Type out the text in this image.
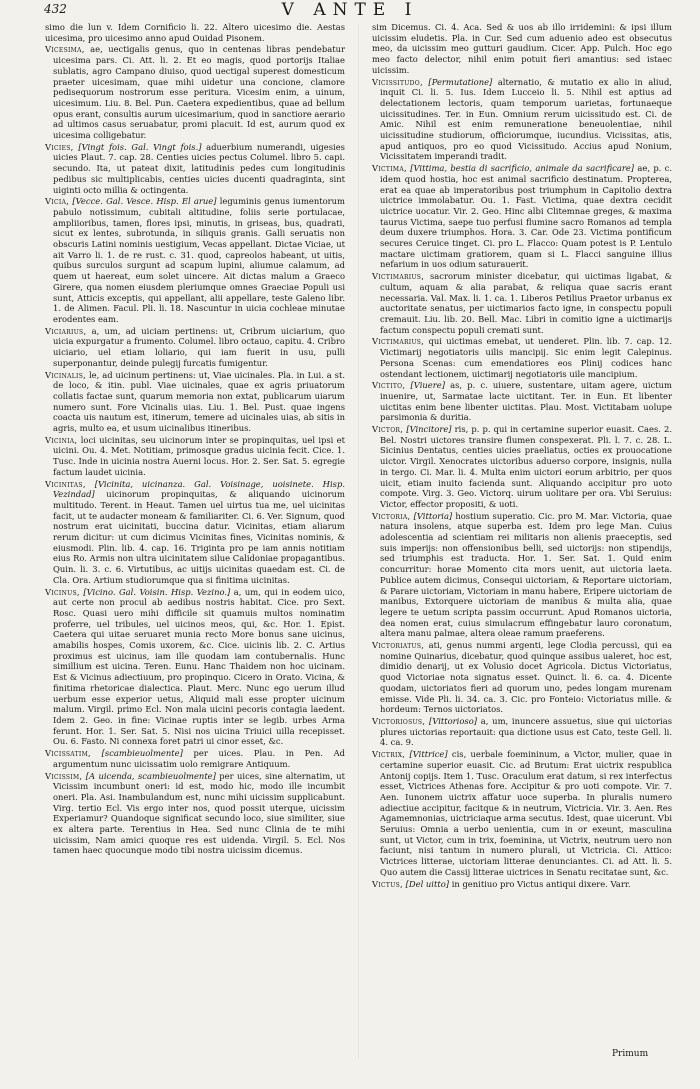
432	V ANTE I

simo die lun v. Idem Cornificio li. 22. Altero uicesimo die. Aestas uicesima, pro uicesimo anno apud Ouidad Pisonem.

Vicesima, ae, uectigalis genus, quo in centenas libras pendebatur uicesima pars. Ci. Att. li. 2. Et eo magis, quod portorijs Italiae sublatis, agro Campano diuiso, quod uectigal superest domesticum praeter uicesimam, quae mihi uidetur una concione, clamore pedisequorum nostrorum esse peritura. Vicesim enim, a uinum, uicesimum. Liu. 8. Bel. Pun. Caetera expedientibus, quae ad bellum opus erant, consultis aurum uicesimarium, quod in sanctiore aerario ad ultimos casus seruabatur, promi placuit. Id est, aurum quod ex uicesima colligebatur.

Vicies, [Vingt fois. Gal. Vingt fois.] aduerbium numerandi, uigesies uicies Plaut. 7. cap. 28. Centies uicies pectus Columel. libro 5. capi. secundo. Ita, ut pateat dixit, latitudinis pedes cum longitudinis pedibus sic multiplicabis, centies uicies ducenti quadraginta, sint uiginti octo millia & octingenta.

Vicia, [Vecce. Gal. Vesce. Hisp. El arue] leguminis genus iumentorum pabulo notissimum, cubitali altitudine, foliis serie portulacae, ampliioribus, tamen, flores ipsi, minutis, in griseas, bus, quadrati, sicut ex lentes, subrotunda, in siliquis granis. Galli seruatis non obscuris Latini nominis uestigium, Vecas appellant. Dictae Viciae, ut ait Varro li. 1. de re rust. c. 31. quod, capreolos habeant, ut uitis, quibus surculos surgunt ad scapum lupini, aliumue calamum, ad quem ut haereat, eum solet uincere. Ait dictas malum a Graeco Girere, qua nomen eiusdem pleriumque omnes Graeciae Populi usi sunt, Atticis exceptis, qui appellant, alii appellare, teste Galeno libr. 1. de Alimen. Facul. Pli. li. 18. Nascuntur in uicia cochleae minutae erodentes eam.

Viciarius, a, um, ad uiciam pertinens: ut, Cribrum uiciarium, quo uicia expurgatur a frumento. Columel. libro octauo, capitu. 4. Cribro uiciario, uel etiam loliario, qui iam fuerit in usu, pulli superponantur, deinde pulegij furcatis fumigentur.

Vicinalis, le, ad uicinum pertinens: ut, Viae uicinales. Pla. in Lui. a st. de loco, & itin. publ. Viae uicinales, quae ex agris priuatorum collatis factae sunt, quarum memoria non extat, publicarum uiarum numero sunt. Fore Vicinalis uias. Liu. 1. Bel. Pust. quae ingens coacta uis nautum est, itinerum, temere ad uicinales uias, ab sitis in agris, multo ea, et usum uicinalibus itineribus.

Vicinia, loci uicinitas, seu uicinorum inter se propinquitas, uel ipsi et uicini. Ou. 4. Met. Notitiam, primosque gradus uicinia fecit. Cice. 1. Tusc. Inde in uicinia nostra Auerni locus. Hor. 2. Ser. Sat. 5. egregie factum laudet uicinia.

Vicinitas, [Vicinita, uicinanza. Gal. Voisinage, uoisinete. Hisp. Vezindad] uicinorum propinquitas, & aliquando uicinorum multitudo. Terent. in Heaut. Tamen uel uirtus tua me, uel uicinitas facit, ut te audacter moneam & familiariter. Ci. 6. Ver. Signum, quod nostrum erat uicinitati, buccina datur. Vicinitas, etiam aliarum rerum dicitur: ut cum dicimus Vicinitas fines, Vicinitas nominis, & eiusmodi. Plin. lib. 4. cap. 16. Triginta pro pe iam annis notitiam eius Ro. Armis non ultra uicinitatem silue Calidoniae propagantibus. Quin. li. 3. c. 6. Virtutibus, ac uitijs uicinitas quaedam est. Ci. de Cla. Ora. Artium studiorumque qua si finitima uicinitas.

Vicinus, [Vicino. Gal. Voisin. Hisp. Vezino.] a, um, qui in eodem uico, aut certe non procul ab aedibus nostris habitat. Cice. pro Sext. Rosc. Quasi uero mihi difficile sit quamuis multos nominatim proferre, uel tribules, uel uicinos meos, qui, &c. Hor. 1. Epist. Caetera qui uitae seruaret munia recto More bonus sane uicinus, amabilis hospes, Comis uxorem, &c. Cice. uicinis lib. 2. C. Artius proximus est uicinus, iam ille quodam iam contubernalis. Hunc simillium est uicina. Teren. Eunu. Hanc Thaidem non hoc uicinam. Est & Vicinus adiectiuum, pro propinquo. Cicero in Orato. Vicina, & finitima rhetoricae dialectica. Plaut. Merc. Nunc ego uerum illud uerbum esse experior uetus, Aliquid mali esse propter uicinum malum. Virgil. primo Ecl. Non mala uicini pecoris contagia laedent. Idem 2. Geo. in fine: Vicinae ruptis inter se legib. urbes Arma ferunt. Hor. 1. Ser. Sat. 5. Nisi nos uicina Triuici uilla recepisset. Ou. 6. Fasto. Ni connexa foret patri ui cinor esset, &c.

Vicissatim, [scambieuolmente] per uices. Plau. in Pen. Ad argumentum nunc uicissatim uolo remigrare Antiquum.

Vicissim, [A uicenda, scambieuolmente] per uices, sine alternatim, ut Vicissim incumbunt oneri: id est, modo hic, modo ille incumbit oneri. Pla. Asi. Inambulandum est, nunc mihi uicissim supplicabunt. Virg. tertio Ecl. Vis ergo inter nos, quod possit uterque, uicissim Experiamur? Quandoque significat secundo loco, siue similiter, siue ex altera parte. Terentius in Hea. Sed nunc Clinia de te mihi uicissim, Nam amici quoque res est uidenda. Virgil. 5. Ecl. Nos tamen haec quocunque modo tibi nostra uicissim dicemus.

sim Dicemus. Ci. 4. Aca. Sed & uos ab illo irridemini: & ipsi illum uicissim eludetis. Pla. in Cur. Sed cum aduenio adeo est obsecutus meo, da uicissim meo gutturi gaudium. Cicer. App. Pulch. Hoc ego meo facto delector, nihil enim potuit fieri amantius: sed istaec uicissim.

Vicissitudo, [Permutatione] alternatio, & mutatio ex alio in aliud, inquit Ci. li. 5. Ius. Idem Lucceio li. 5. Nihil est aptius ad delectationem lectoris, quam temporum uarietas, fortunaeque uicissitudines. Ter. in Eun. Omnium rerum uicissitudo est. Ci. de Amic. Nihil est enim remuneratione beneuolentiae, nihil uicissitudine studiorum, officiorumque, iucundius. Vicissitas, atis, apud antiquos, pro eo quod Vicissitudo. Accius apud Nonium, Vicissitatem imperandi tradit.

Victima, [Vittima, bestia di sacrificio, animale da sacrificare] ae, p. c. idem quod hostia, hoc est animal sacrificio destinatum. Propterea, erat ea quae ab imperatoribus post triumphum in Capitolio dextra uictrice immolabatur. Ou. 1. Fast. Victima, quae dextra cecidit uictrice uocatur. Vir. 2. Geo. Hinc albi Clitemnae greges, & maxima taurus Victima, saepe tuo perfusi flumine sacro Romanos ad templa deum duxere triumphos. Hora. 3. Car. Ode 23. Victima pontificum secures Ceruice tinget. Ci. pro L. Flacco: Quam potest is P. Lentulo mactare uictimam gratiorem, quam si L. Flacci sanguine illius nefarium in uos odium saturauerit.

Victimarius, sacrorum minister dicebatur, qui uictimas ligabat, & cultum, aquam & alia parabat, & reliqua quae sacris erant necessaria. Val. Max. li. 1. ca. 1. Liberos Petilius Praetor urbanus ex auctoritate senatus, per uictimarios facto igne, in conspectu populi cremauit. Liu. lib. 20. Bell. Mac. Libri in comitio igne a uictimarijs factum conspectu populi cremati sunt.

Victimarius, qui uictimas emebat, ut uenderet. Plin. lib. 7. cap. 12. Victimarij negotiatoris uilis mancipij. Sic enim legit Calepinus. Persona Scenas: cum emendatiores eos Plinij codices hanc ostendant lectionem, uictimarij negotiatoris uile mancipium.

Victito, [Viuere] as, p. c. uiuere, sustentare, uitam agere, uictum inuenire, ut, Sarmatae lacte uictitant. Ter. in Eun. Et libenter uictitas enim bene libenter uictitas. Plau. Most. Victitabam uolupe parsimonia & duritia.

Victor, [Vincitore] ris, p. p. qui in certamine superior euasit. Caes. 2. Bel. Nostri uictores transire flumen conspexerat. Pli. l. 7. c. 28. L. Sicinius Dentatus, centies uicies praeliatus, octies ex prouocatione uictor. Virgil. Xenocrates uictoribus aduerso corpore, insignis, nulla in tergo. Ci. Mar. li. 4. Multa enim uictori eorum arbitrio, per quos uicit, etiam inuito facienda sunt. Aliquando accipitur pro uoto compote. Virg. 3. Geo. Victorq. uirum uolitare per ora. Vbi Seruius: Victor, effector propositi, & uoti.

Victoria, [Vittoria] hostium superatio. Cic. pro M. Mar. Victoria, quae natura insolens, atque superba est. Idem pro lege Man. Cuius adolescentia ad scientiam rei militaris non alienis praeceptis, sed suis imperijs: non offensionibus belli, sed uictorijs: non stipendijs, sed triumphis est traducta. Hor. 1. Ser. Sat. 1. Quid enim concurritur: horae Momento cita mors uenit, aut uictoria laeta. Publice autem dicimus, Consequi uictoriam, & Reportare uictoriam, & Parare uictoriam, Victoriam in manu habere, Eripere uictoriam de manibus, Extorquere uictoriam de manibus & multa alia, quae legere te uetum scripta passim occurrunt. Apud Romanos uictoria, dea nomen erat, cuius simulacrum effingebatur lauro coronatum, altera manu palmae, altera oleae ramum praeferens.

Victoriatus, ati, genus nummi argenti, lege Clodia percussi, qui ea nomine Quinarius, dicebatur, quod quinque assibus ualeret, hoc est, dimidio denarij, ut ex Volusio docet Agricola. Dictus Victoriatus, quod Victoriae nota signatus esset. Quinct. li. 6. ca. 4. Dicente quodam, uictoriatos fieri ad quorum uno, pedes longam murenam emisse. Vide Pli. li. 34. ca. 3. Cic. pro Fonteio: Victoriatus mille. & hordeum: Ternos uictoriatos.

Victoriosus, [Vittorioso] a, um, inuncere assuetus, siue qui uictorias plures uictorias reportauit: qua dictione usus est Cato, teste Gell. li. 4. ca. 9.

Victrix, [Vittrice] cis, uerbale foemininum, a Victor, mulier, quae in certamine superior euasit. Cic. ad Brutum: Erat uictrix respublica Antonij copijs. Item 1. Tusc. Oraculum erat datum, si rex interfectus esset, Victrices Athenas fore. Accipitur & pro uoti compote. Vir. 7. Aen. Iunonem uictrix affatur uoce superba. In pluralis numero adiectiue accipitur, facitque & in neutrum, Victricia. Vir. 3. Aen. Res Agamemnonias, uictriciaque arma secutus. Idest, quae uicerunt. Vbi Seruius: Omnia a uerbo uenientia, cum in or exeunt, masculina sunt, ut Victor, cum in trix, foeminina, ut Victrix, neutrum uero non faciunt, nisi tantum in numero plurali, ut Victricia. Ci. Attico: Victrices litterae, uictoriam litterae denunciantes. Ci. ad Att. li. 5. Quo autem die Cassij litterae uictrices in Senatu recitatae sunt, &c.

Victus, [Del uitto] in genitiuo pro Victus antiqui dixere. Varr.

Primum
